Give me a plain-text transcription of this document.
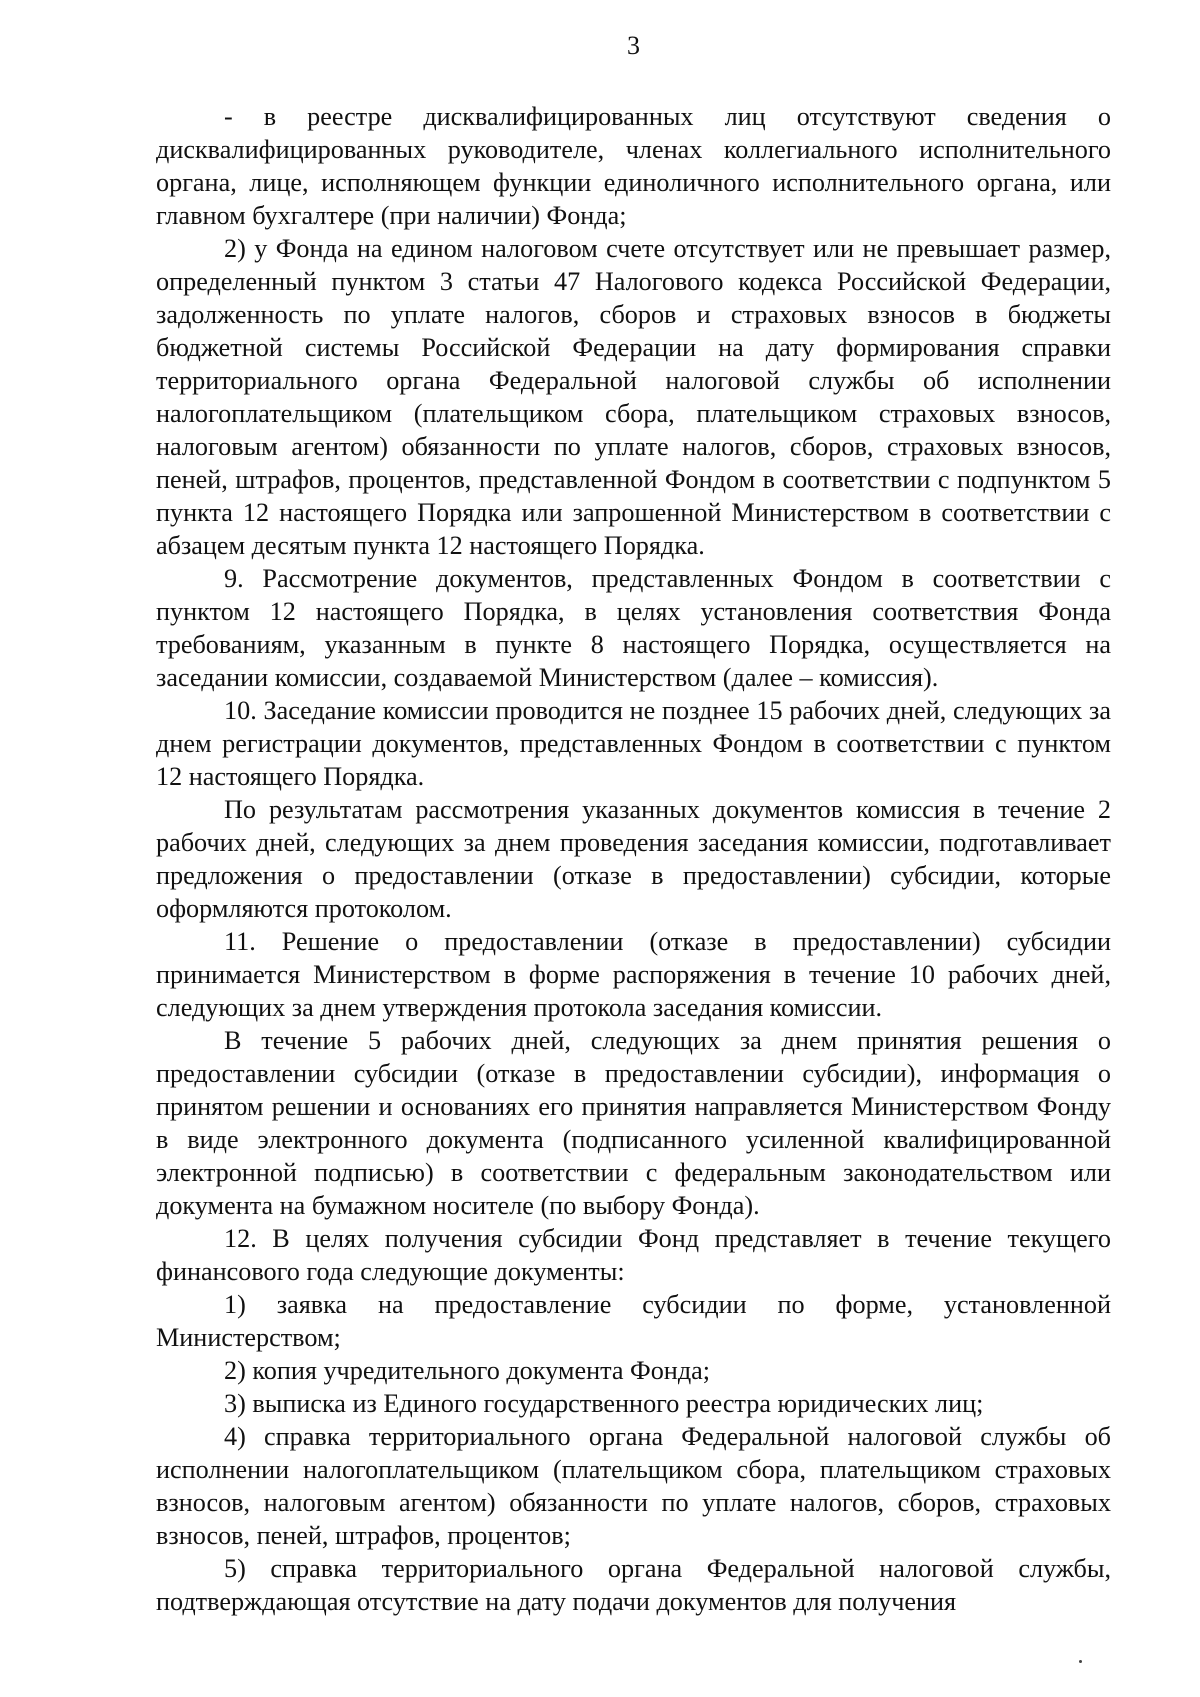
3

- в реестре дисквалифицированных лиц отсутствуют сведения о дисквалифицированных руководителе, членах коллегиального исполнительного органа, лице, исполняющем функции единоличного исполнительного органа, или главном бухгалтере (при наличии) Фонда;

2) у Фонда на едином налоговом счете отсутствует или не превышает размер, определенный пунктом 3 статьи 47 Налогового кодекса Российской Федерации, задолженность по уплате налогов, сборов и страховых взносов в бюджеты бюджетной системы Российской Федерации на дату формирования справки территориального органа Федеральной налоговой службы об исполнении налогоплательщиком (плательщиком сбора, плательщиком страховых взносов, налоговым агентом) обязанности по уплате налогов, сборов, страховых взносов, пеней, штрафов, процентов, представленной Фондом в соответствии с подпунктом 5 пункта 12 настоящего Порядка или запрошенной Министерством в соответствии с абзацем десятым пункта 12 настоящего Порядка.

9. Рассмотрение документов, представленных Фондом в соответствии с пунктом 12 настоящего Порядка, в целях установления соответствия Фонда требованиям, указанным в пункте 8 настоящего Порядка, осуществляется на заседании комиссии, создаваемой Министерством (далее – комиссия).

10. Заседание комиссии проводится не позднее 15 рабочих дней, следующих за днем регистрации документов, представленных Фондом в соответствии с пунктом 12 настоящего Порядка.

По результатам рассмотрения указанных документов комиссия в течение 2 рабочих дней, следующих за днем проведения заседания комиссии, подготавливает предложения о предоставлении (отказе в предоставлении) субсидии, которые оформляются протоколом.

11. Решение о предоставлении (отказе в предоставлении) субсидии принимается Министерством в форме распоряжения в течение 10 рабочих дней, следующих за днем утверждения протокола заседания комиссии.

В течение 5 рабочих дней, следующих за днем принятия решения о предоставлении субсидии (отказе в предоставлении субсидии), информация о принятом решении и основаниях его принятия направляется Министерством Фонду в виде электронного документа (подписанного усиленной квалифицированной электронной подписью) в соответствии с федеральным законодательством или документа на бумажном носителе (по выбору Фонда).

12. В целях получения субсидии Фонд представляет в течение текущего финансового года следующие документы:

1) заявка на предоставление субсидии по форме, установленной Министерством;

2) копия учредительного документа Фонда;

3) выписка из Единого государственного реестра юридических лиц;

4) справка территориального органа Федеральной налоговой службы об исполнении налогоплательщиком (плательщиком сбора, плательщиком страховых взносов, налоговым агентом) обязанности по уплате налогов, сборов, страховых взносов, пеней, штрафов, процентов;

5) справка территориального органа Федеральной налоговой службы, подтверждающая отсутствие на дату подачи документов для получения
